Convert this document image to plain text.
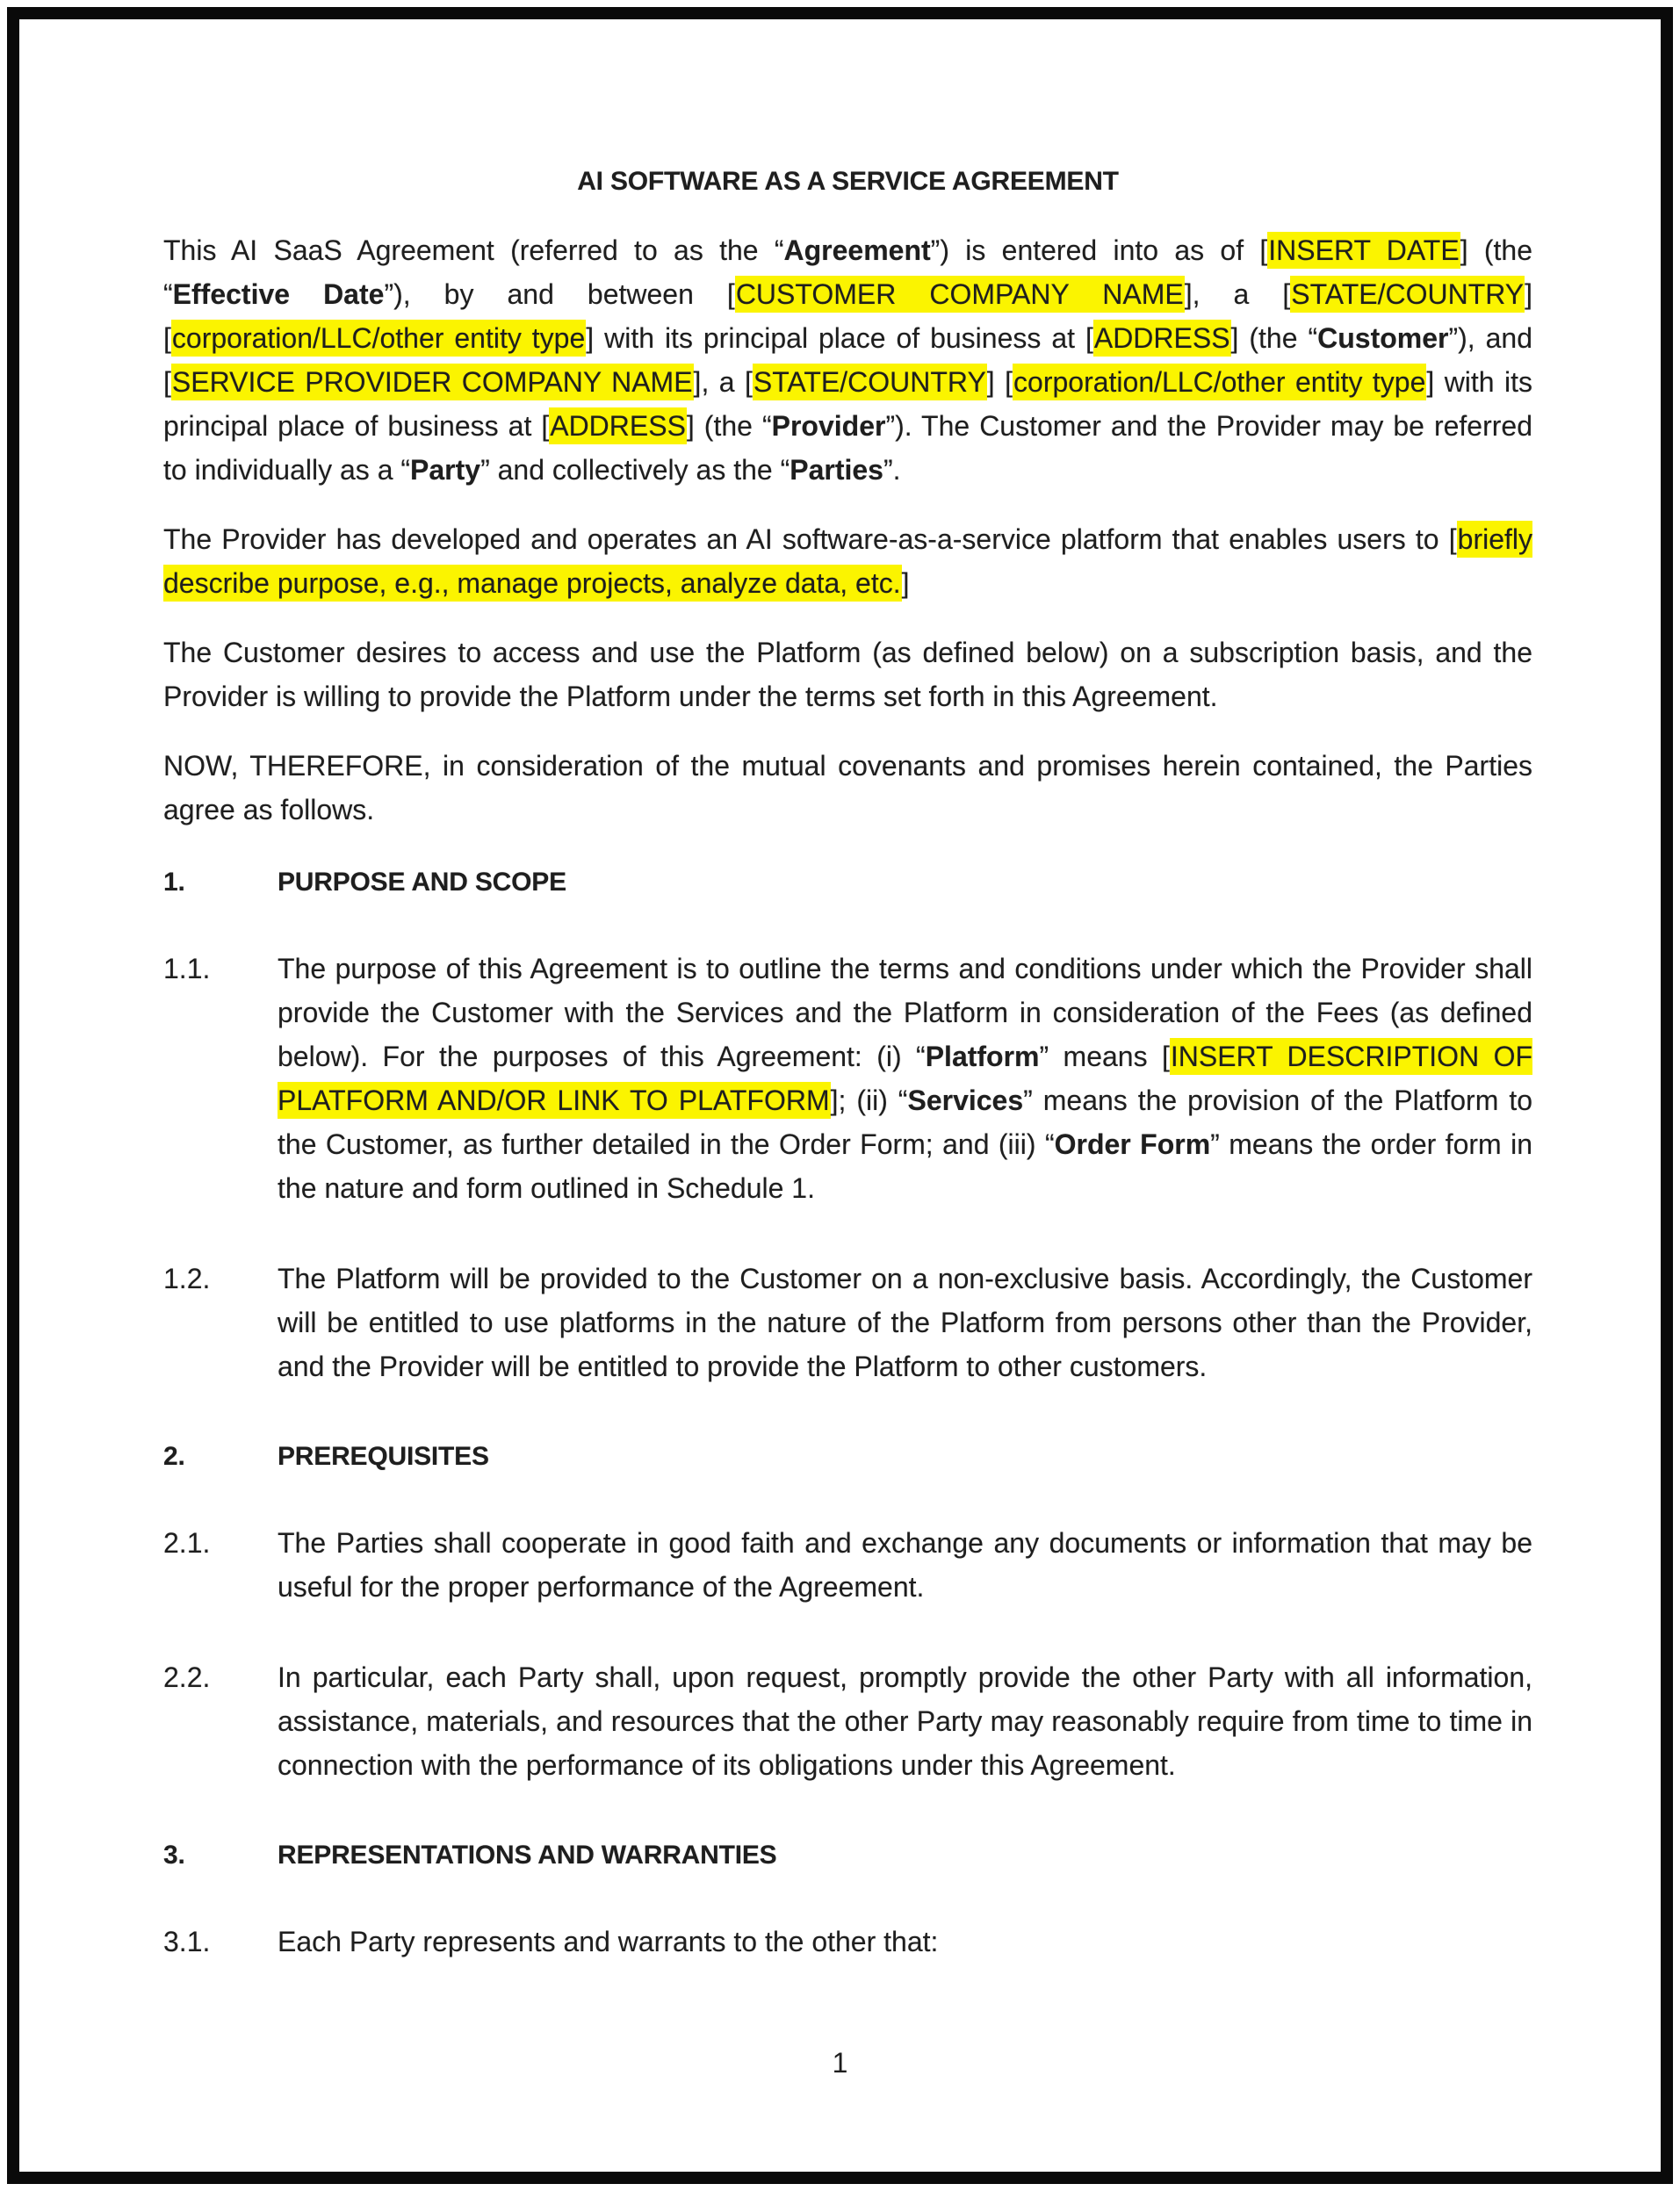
AI SOFTWARE AS A SERVICE AGREEMENT
This AI SaaS Agreement (referred to as the “Agreement”) is entered into as of [INSERT DATE] (the “Effective Date”), by and between [CUSTOMER COMPANY NAME], a [STATE/COUNTRY] [corporation/LLC/other entity type] with its principal place of business at [ADDRESS] (the “Customer”), and [SERVICE PROVIDER COMPANY NAME], a [STATE/COUNTRY] [corporation/LLC/other entity type] with its principal place of business at [ADDRESS] (the “Provider”). The Customer and the Provider may be referred to individually as a “Party” and collectively as the “Parties”.
The Provider has developed and operates an AI software-as-a-service platform that enables users to [briefly describe purpose, e.g., manage projects, analyze data, etc.]
The Customer desires to access and use the Platform (as defined below) on a subscription basis, and the Provider is willing to provide the Platform under the terms set forth in this Agreement.
NOW, THEREFORE, in consideration of the mutual covenants and promises herein contained, the Parties agree as follows.
1.	PURPOSE AND SCOPE
1.1.	The purpose of this Agreement is to outline the terms and conditions under which the Provider shall provide the Customer with the Services and the Platform in consideration of the Fees (as defined below). For the purposes of this Agreement: (i) “Platform” means [INSERT DESCRIPTION OF PLATFORM AND/OR LINK TO PLATFORM]; (ii) “Services” means the provision of the Platform to the Customer, as further detailed in the Order Form; and (iii) “Order Form” means the order form in the nature and form outlined in Schedule 1.
1.2.	The Platform will be provided to the Customer on a non-exclusive basis. Accordingly, the Customer will be entitled to use platforms in the nature of the Platform from persons other than the Provider, and the Provider will be entitled to provide the Platform to other customers.
2.	PREREQUISITES
2.1.	The Parties shall cooperate in good faith and exchange any documents or information that may be useful for the proper performance of the Agreement.
2.2.	In particular, each Party shall, upon request, promptly provide the other Party with all information, assistance, materials, and resources that the other Party may reasonably require from time to time in connection with the performance of its obligations under this Agreement.
3.	REPRESENTATIONS AND WARRANTIES
3.1.	Each Party represents and warrants to the other that:
1
